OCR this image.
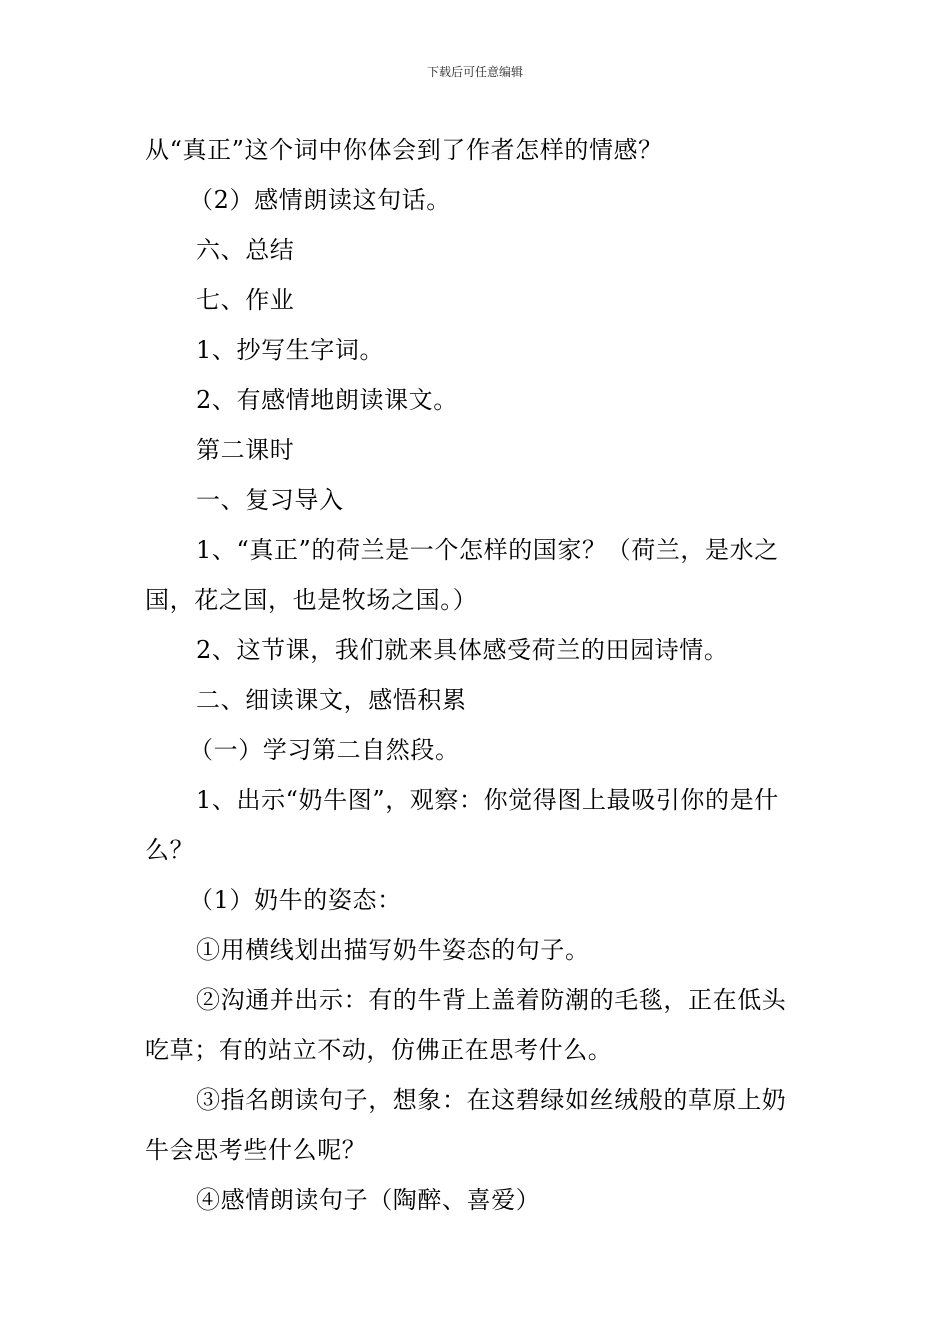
下载后可任意编辑

从“真正”这个词中你体会到了作者怎样的情感？

（2）感情朗读这句话。

六、总结

七、作业

1、抄写生字词。

2、有感情地朗读课文。

第二课时

一、复习导入

1、“真正”的荷兰是一个怎样的国家？（荷兰，是水之国，花之国，也是牧场之国。）

2、这节课，我们就来具体感受荷兰的田园诗情。

二、细读课文，感悟积累

（一）学习第二自然段。

1、出示“奶牛图”，观察：你觉得图上最吸引你的是什么？

（1）奶牛的姿态：

①用横线划出描写奶牛姿态的句子。

②沟通并出示：有的牛背上盖着防潮的毛毯，正在低头吃草；有的站立不动，仿佛正在思考什么。

③指名朗读句子，想象：在这碧绿如丝绒般的草原上奶牛会思考些什么呢？

④感情朗读句子（陶醉、喜爱）
